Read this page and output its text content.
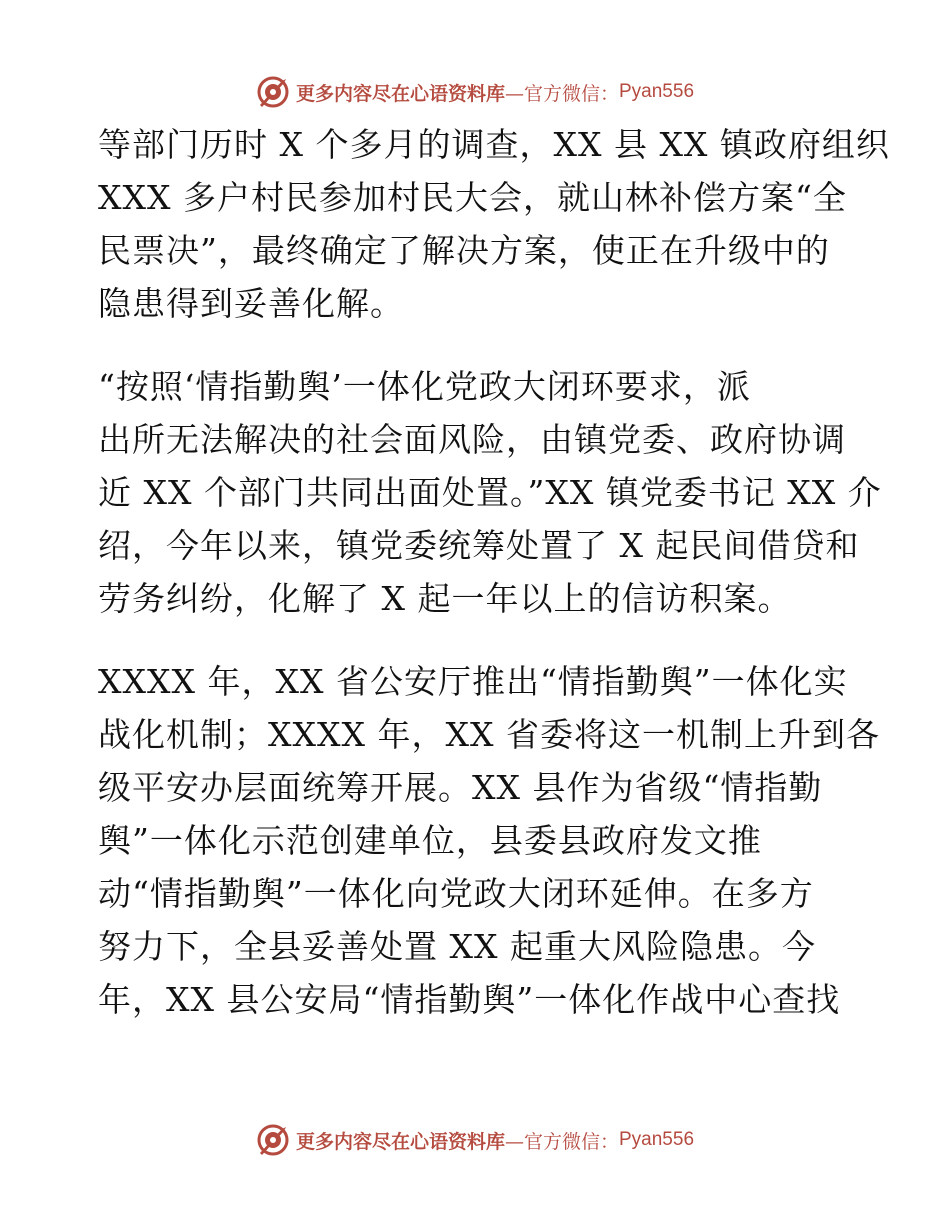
更多内容尽在心语资料库 —官方微信： Pyan556
等部门历时 X 个多月的调查，XX 县 XX 镇政府组织
XXX 多户村民参加村民大会，就山林补偿方案“全
民票决”，最终确定了解决方案，使正在升级中的
隐患得到妥善化解。
“按照‘情指勤舆’一体化党政大闭环要求，派
出所无法解决的社会面风险，由镇党委、政府协调
近 XX 个部门共同出面处置。”XX 镇党委书记 XX 介
绍，今年以来，镇党委统筹处置了 X 起民间借贷和
劳务纠纷，化解了 X 起一年以上的信访积案。
XXXX 年，XX 省公安厅推出“情指勤舆”一体化实
战化机制；XXXX 年，XX 省委将这一机制上升到各
级平安办层面统筹开展。XX 县作为省级“情指勤
舆”一体化示范创建单位，县委县政府发文推
动“情指勤舆”一体化向党政大闭环延伸。在多方
努力下，全县妥善处置 XX 起重大风险隐患。今
年，XX 县公安局“情指勤舆”一体化作战中心查找
更多内容尽在心语资料库 —官方微信： Pyan556
